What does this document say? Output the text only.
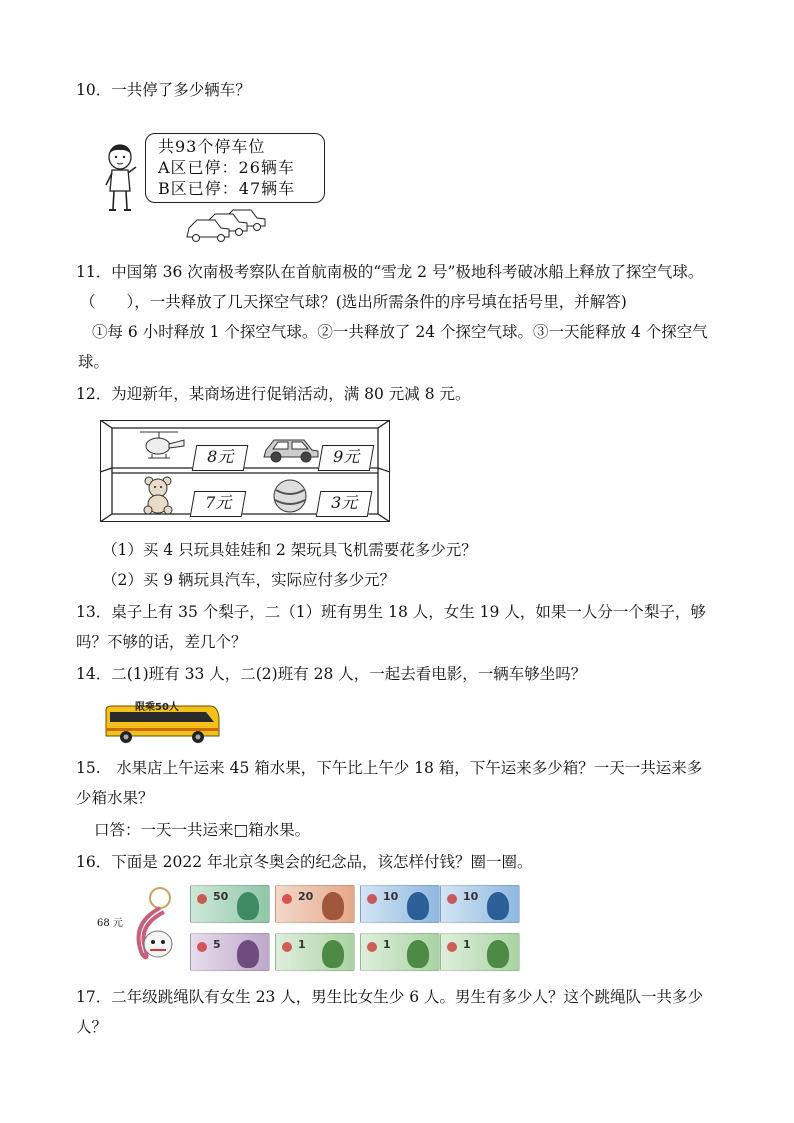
10．一共停了多少辆车？
共93个停车位
A区已停：26辆车
B区已停：47辆车
11．中国第 36 次南极考察队在首航南极的“雪龙 2 号”极地科考破冰船上释放了探空气球。
（　　），一共释放了几天探空气球？(选出所需条件的序号填在括号里，并解答)
①每 6 小时释放 1 个探空气球。②一共释放了 24 个探空气球。③一天能释放 4 个探空气
球。
12．为迎新年，某商场进行促销活动，满 80 元减 8 元。
8元	9元
7元	3元
（1）买 4 只玩具娃娃和 2 架玩具飞机需要花多少元？
（2）买 9 辆玩具汽车，实际应付多少元？
13．桌子上有 35 个梨子，二（1）班有男生 18 人，女生 19 人，如果一人分一个梨子，够
吗？不够的话，差几个？
14．二(1)班有 33 人，二(2)班有 28 人，一起去看电影，一辆车够坐吗？
限乘50人
15.　水果店上午运来 45 箱水果，下午比上午少 18 箱，下午运来多少箱？一天一共运来多
少箱水果？
口答：一天一共运来□箱水果。
16．下面是 2022 年北京冬奥会的纪念品，该怎样付钱？圈一圈。
68 元
50	20	10	10
5	1	1	1
17．二年级跳绳队有女生 23 人，男生比女生少 6 人。男生有多少人？这个跳绳队一共多少
人？
